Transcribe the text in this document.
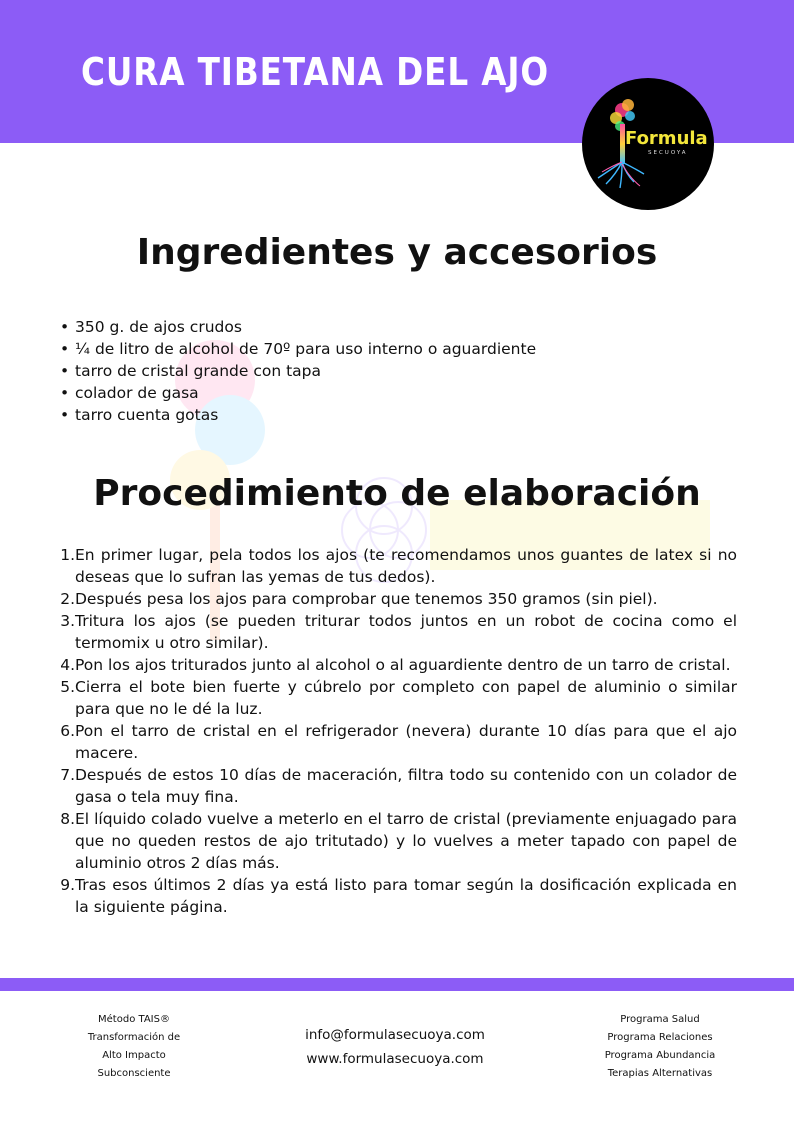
CURA TIBETANA DEL AJO
Formula
SECUOYA
Ingredientes y accesorios
• 350 g. de ajos crudos
• ¼ de litro de alcohol de 70º para uso interno o aguardiente
• tarro de cristal grande con tapa
• colador de gasa
• tarro cuenta gotas
Procedimiento de elaboración
1. En primer lugar, pela todos los ajos (te recomendamos unos guantes de latex si no deseas que lo sufran las yemas de tus dedos).
2. Después pesa los ajos para comprobar que tenemos 350 gramos (sin piel).
3. Tritura los ajos (se pueden triturar todos juntos en un robot de cocina como el termomix u otro similar).
4. Pon los ajos triturados junto al alcohol o al aguardiente dentro de un tarro de cristal.
5. Cierra el bote bien fuerte y cúbrelo por completo con papel de aluminio o similar para que no le dé la luz.
6. Pon el tarro de cristal en el refrigerador (nevera) durante 10 días para que el ajo macere.
7. Después de estos 10 días de maceración, filtra todo su contenido con un colador de gasa o tela muy fina.
8. El líquido colado vuelve a meterlo en el tarro de cristal (previamente enjuagado para que no queden restos de ajo tritutado) y lo vuelves a meter tapado con papel de aluminio otros 2 días más.
9. Tras esos últimos 2 días ya está listo para tomar según la dosificación explicada en la siguiente página.
Método TAIS®
Transformación de
Alto Impacto
Subconsciente
info@formulasecuoya.com
www.formulasecuoya.com
Programa Salud
Programa Relaciones
Programa Abundancia
Terapias Alternativas
